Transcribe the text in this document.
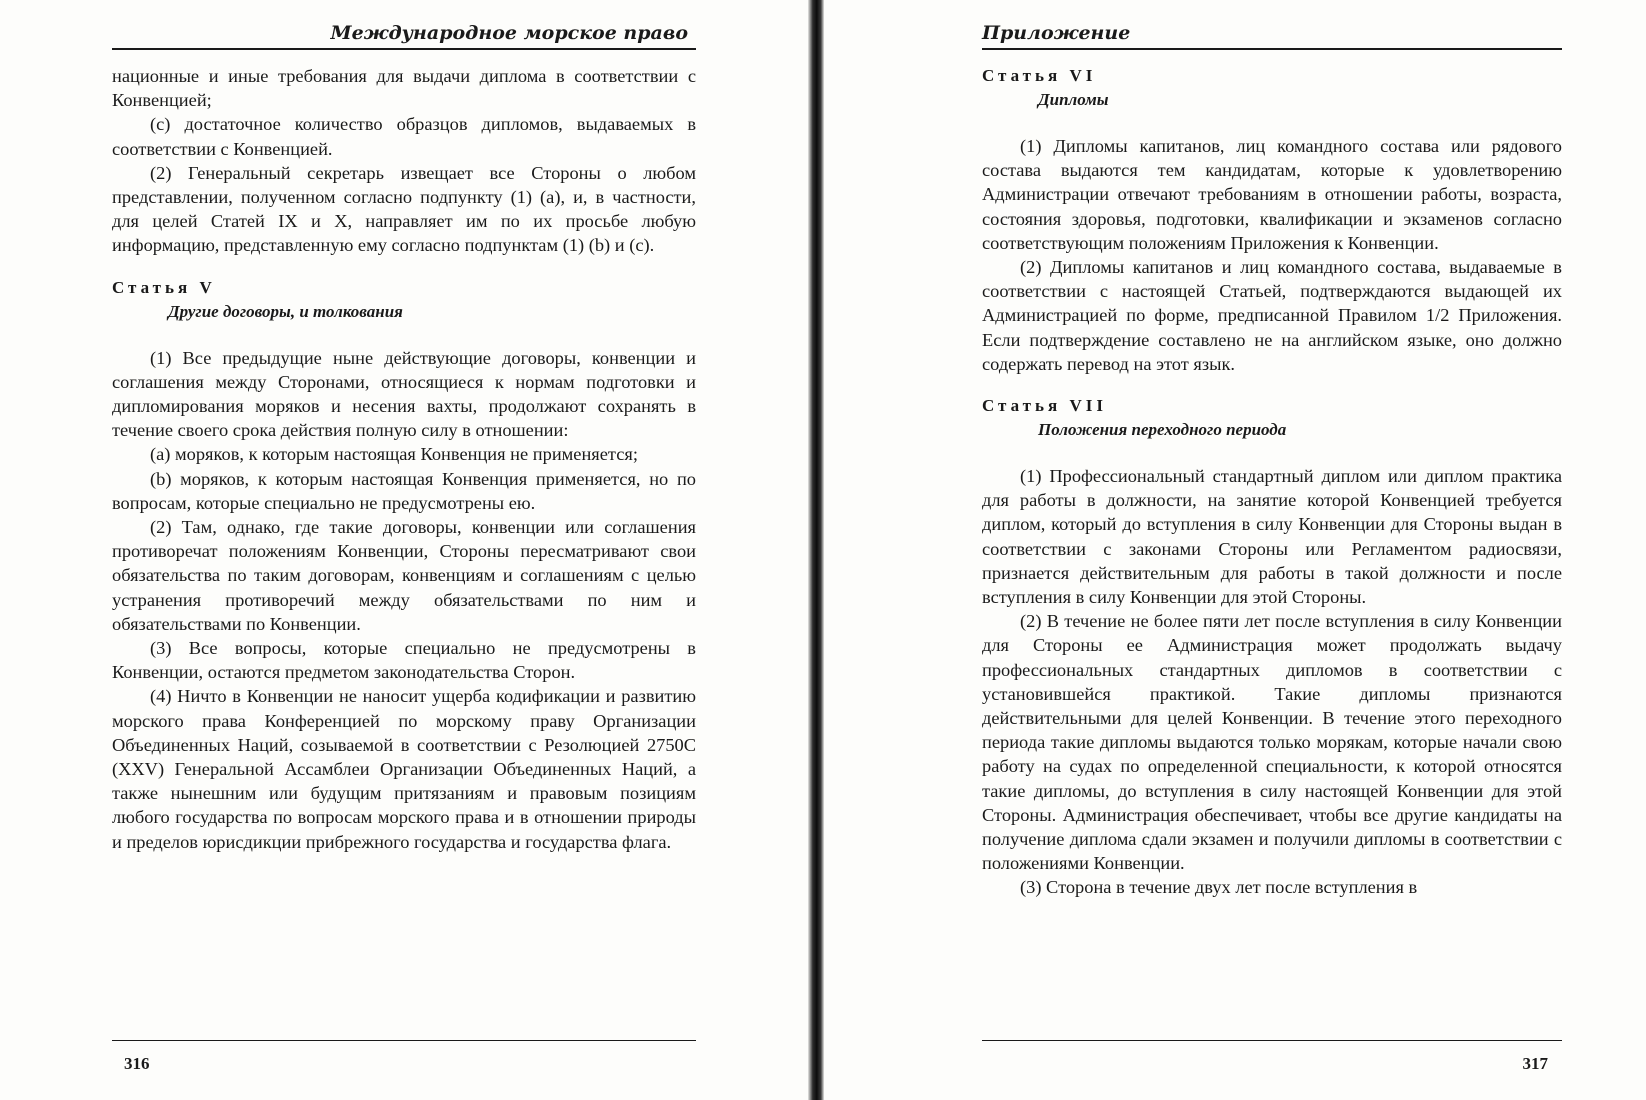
Международное морское право

национные и иные требования для выдачи диплома в соответствии с Конвенцией;

(с) достаточное количество образцов дипломов, выдаваемых в соответствии с Конвенцией.

(2) Генеральный секретарь извещает все Стороны о любом представлении, полученном согласно подпункту (1) (а), и, в частности, для целей Статей IX и X, направляет им по их просьбе любую информацию, представленную ему согласно подпунктам (1) (b) и (с).

Статья V
Другие договоры, и толкования

(1) Все предыдущие ныне действующие договоры, конвенции и соглашения между Сторонами, относящиеся к нормам подготовки и дипломирования моряков и несения вахты, продолжают сохранять в течение своего срока действия полную силу в отношении:

(а) моряков, к которым настоящая Конвенция не применяется;

(b) моряков, к которым настоящая Конвенция применяется, но по вопросам, которые специально не предусмотрены ею.

(2) Там, однако, где такие договоры, конвенции или соглашения противоречат положениям Конвенции, Стороны пересматривают свои обязательства по таким договорам, конвенциям и соглашениям с целью устранения противоречий между обязательствами по ним и обязательствами по Конвенции.

(3) Все вопросы, которые специально не предусмотрены в Конвенции, остаются предметом законодательства Сторон.

(4) Ничто в Конвенции не наносит ущерба кодификации и развитию морского права Конференцией по морскому праву Организации Объединенных Наций, созываемой в соответствии с Резолюцией 2750С (XXV) Генеральной Ассамблеи Организации Объединенных Наций, а также нынешним или будущим притязаниям и правовым позициям любого государства по вопросам морского права и в отношении природы и пределов юрисдикции прибрежного государства и государства флага.

316
Приложение
Статья VI
Дипломы

(1) Дипломы капитанов, лиц командного состава или рядового состава выдаются тем кандидатам, которые к удовлетворению Администрации отвечают требованиям в отношении работы, возраста, состояния здоровья, подготовки, квалификации и экзаменов согласно соответствующим положениям Приложения к Конвенции.

(2) Дипломы капитанов и лиц командного состава, выдаваемые в соответствии с настоящей Статьей, подтверждаются выдающей их Администрацией по форме, предписанной Правилом 1/2 Приложения. Если подтверждение составлено не на английском языке, оно должно содержать перевод на этот язык.

Статья VII
Положения переходного периода

(1) Профессиональный стандартный диплом или диплом практика для работы в должности, на занятие которой Конвенцией требуется диплом, который до вступления в силу Конвенции для Стороны выдан в соответствии с законами Стороны или Регламентом радиосвязи, признается действительным для работы в такой должности и после вступления в силу Конвенции для этой Стороны.

(2) В течение не более пяти лет после вступления в силу Конвенции для Стороны ее Администрация может продолжать выдачу профессиональных стандартных дипломов в соответствии с установившейся практикой. Такие дипломы признаются действительными для целей Конвенции. В течение этого переходного периода такие дипломы выдаются только морякам, которые начали свою работу на судах по определенной специальности, к которой относятся такие дипломы, до вступления в силу настоящей Конвенции для этой Стороны. Администрация обеспечивает, чтобы все другие кандидаты на получение диплома сдали экзамен и получили дипломы в соответствии с положениями Конвенции.

(3) Сторона в течение двух лет после вступления в

317
